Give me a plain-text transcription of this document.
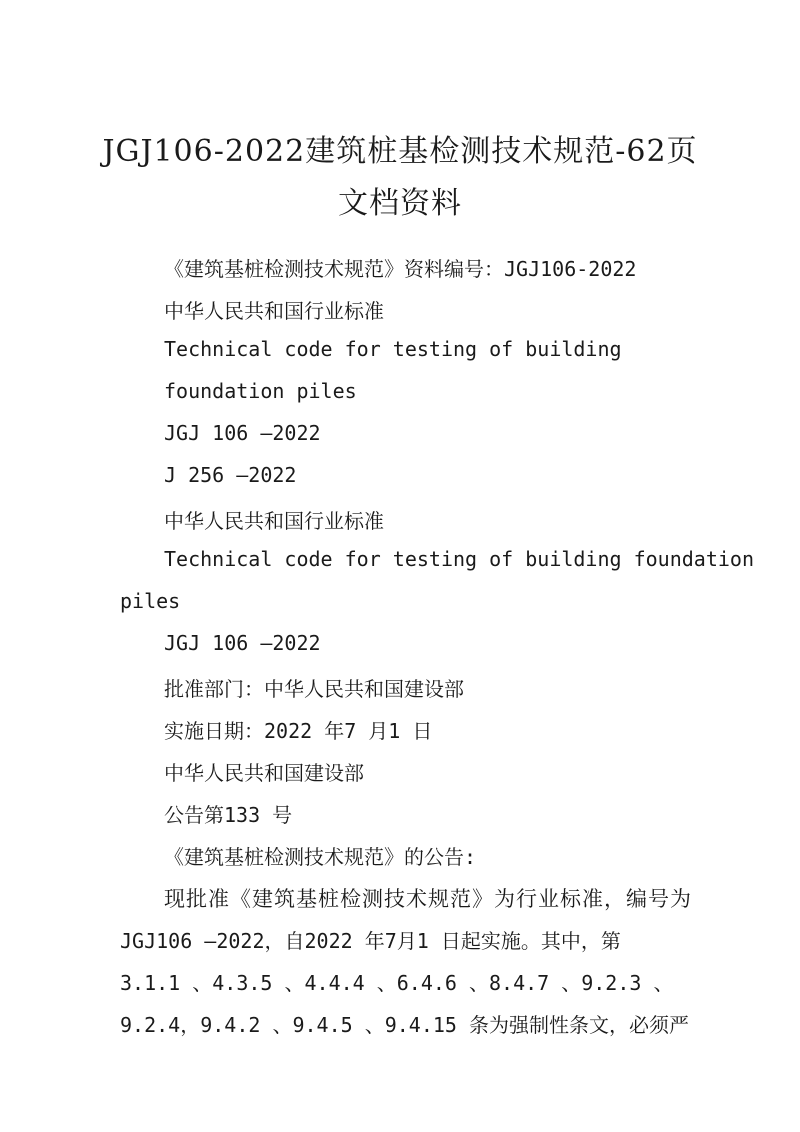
JGJ106-2022建筑桩基检测技术规范-62页
文档资料
《建筑基桩检测技术规范》资料编号：JGJ106-2022
中华人民共和国行业标准
Technical code for testing of building
foundation piles
JGJ 106 —2022
J 256 —2022
中华人民共和国行业标准
Technical code for testing of building foundation
piles
JGJ 106 —2022
批准部门：中华人民共和国建设部
实施日期：2022 年7 月1 日
中华人民共和国建设部
公告第133 号
《建筑基桩检测技术规范》的公告:
现批准《建筑基桩检测技术规范》为行业标准，编号为
JGJ106 —2022，自2022 年7月1 日起实施。其中，第
3.1.1 、4.3.5 、4.4.4 、6.4.6 、8.4.7 、9.2.3 、
9.2.4，9.4.2 、9.4.5 、9.4.15 条为强制性条文，必须严
